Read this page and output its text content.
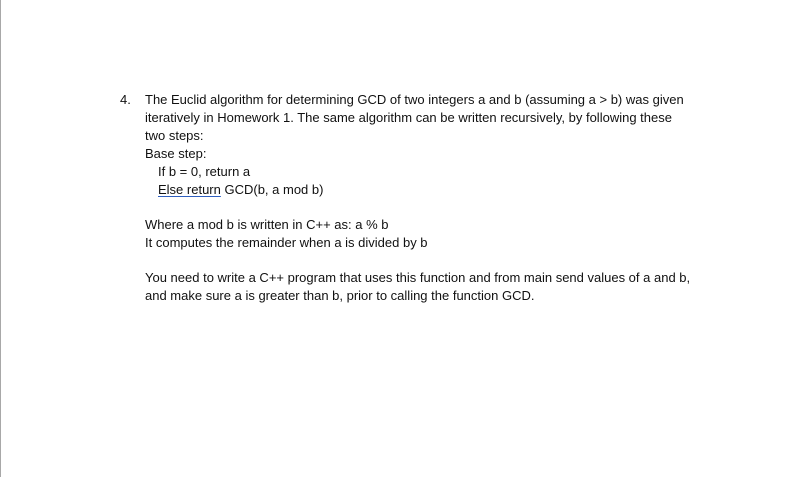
4. The Euclid algorithm for determining GCD of two integers a and b (assuming a > b) was given
iteratively in Homework 1. The same algorithm can be written recursively, by following these
two steps:
Base step:
If b = 0, return a
Else return GCD(b, a mod b)
Where a mod b is written in C++ as: a % b
It computes the remainder when a is divided by b
You need to write a C++ program that uses this function and from main send values of a and b,
and make sure a is greater than b, prior to calling the function GCD.
